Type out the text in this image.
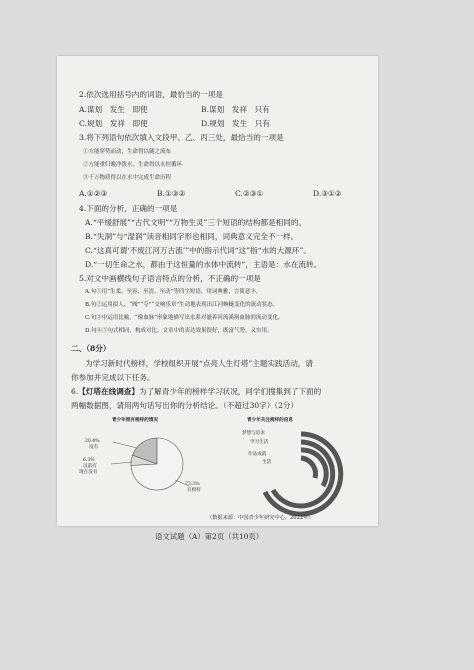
2.依次选用括号内的词语，最恰当的一项是
A.谋划　发生　即使	B.谋划　发祥　只有
C.规划　发祥　即使	D.规划　发生　只有
3.将下列语句依次填入文段甲、乙、丙三处，最恰当的一项是
①方能穿势而动，生命得以随之流布
②方能重归晚净泼水，生命得以永恒循环
③千万物质得以在水中完成生命历程
A.①②③	B.①③②	C.②③①	D.③①②
4.下面的分析，正确的一项是
A.“平缓舒展”“古代文明”“万物生灵”三个短语的结构都是相同的。
B.“失洞”与“湿润”读音相同字形也相同，词典意义完全不一样。
C.“这真可谓‘不废江河万古流’”中的指示代词“这”指“水的大源环”。
D.“一切生命之水，都由于这恒量的水体中流转”，主语是：水在流转。
5.对文中画横线句子语言特点的分析，不正确的一项是
A.句①用“生柔、至容、至清、至动”等四字短语，用词典雅，言简意丰。
B.句②运用拟人，“阀”“夺”“交响乐章”生动地表现出江河蜿蜒变化的流动状态。
C.句③中运用比喻，“像血脉”形象地描写出水系对滋养河流溪涧血脉的流动变化。
D.句④⑤句式相同，构成对比。文章中的表达效果很好，既富气势，又实用。
二、（8分）
为学习新时代榜样，学校组织开展“点亮人生灯塔”主题实践活动，请
你参加并完成以下任务。
6.【灯塔在线调查】为了解青少年的榜样学习状况，同学们搜集到了下面的
两幅数据图，请用两句话写出你的分析结论。（不超过30字）（2分）
青少年拥有榜样的情况
20.4%
没有
6.3%
以前有
现在没有
73.3%
有榜样
青少年关注榜样的信息
梦想与追求
学习生活
作品成就
生活
（数据来源：中国青少年研究中心，2022年）
语文试题（A）第2页（共10页）
